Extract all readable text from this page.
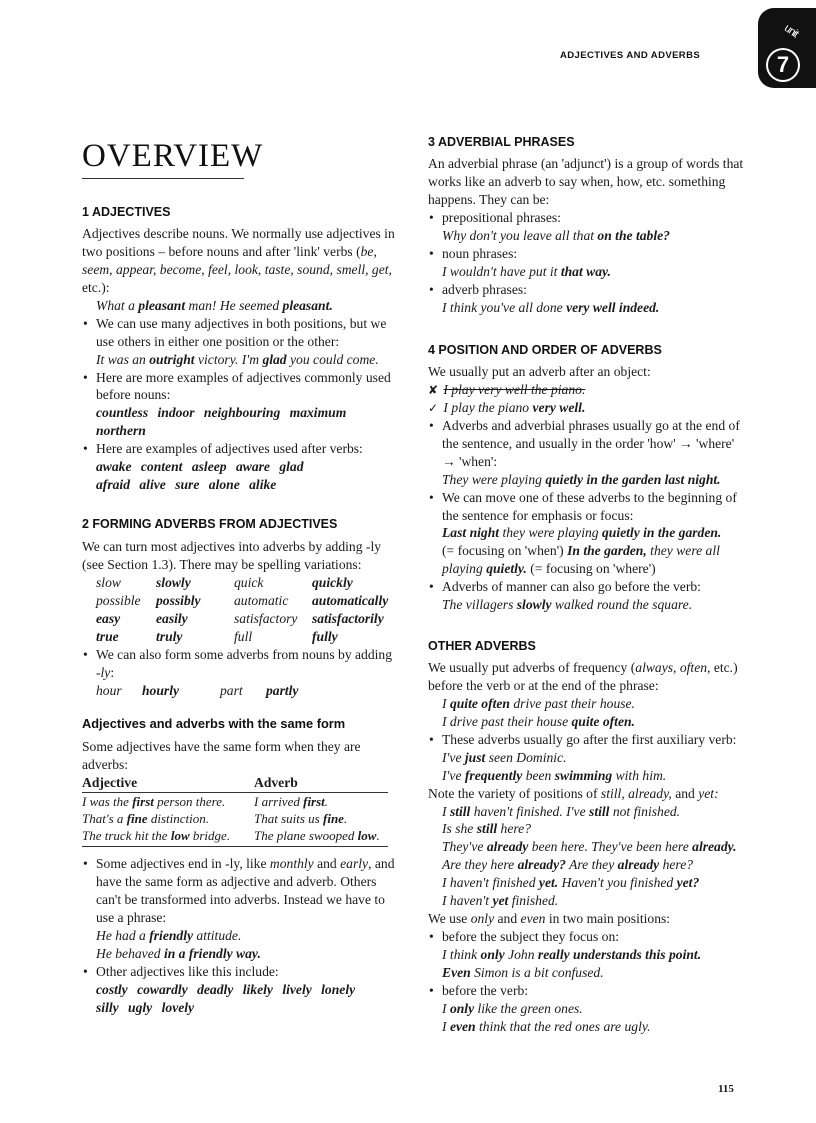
ADJECTIVES AND ADVERBS
unit
7
OVERVIEW
1 ADJECTIVES

Adjectives describe nouns. We normally use adjectives in two positions – before nouns and after 'link' verbs (be, seem, appear, become, feel, look, taste, sound, smell, get, etc.):

What a pleasant man! He seemed pleasant.

• We can use many adjectives in both positions, but we use others in either one position or the other:

It was an outright victory. I'm glad you could come.

• Here are more examples of adjectives commonly used before nouns:

countless indoor neighbouring maximum northern

• Here are examples of adjectives used after verbs:

awake content asleep aware glad

afraid alive sure alone alike

2 FORMING ADVERBS FROM ADJECTIVES

We can turn most adjectives into adverbs by adding -ly (see Section 1.3). There may be spelling variations:

slow	slowly	quick	quickly
possible	possibly	automatic	automatically
easy	easily	satisfactory	satisfactorily
true	truly	full	fully

• We can also form some adverbs from nouns by adding -ly:

hour	hourly	part	partly
Adjectives and adverbs with the same form

Some adjectives have the same form when they are adverbs:

Adjective	Adverb
I was the first person there.	I arrived first.
That's a fine distinction.	That suits us fine.
The truck hit the low bridge.	The plane swooped low.

• Some adjectives end in -ly, like monthly and early, and have the same form as adjective and adverb. Others can't be transformed into adverbs. Instead we have to use a phrase:

He had a friendly attitude.

He behaved in a friendly way.

• Other adjectives like this include:

costly cowardly deadly likely lively lonely

silly ugly lovely

3 ADVERBIAL PHRASES

An adverbial phrase (an 'adjunct') is a group of words that works like an adverb to say when, how, etc. something happens. They can be:

• prepositional phrases:

Why don't you leave all that on the table?

• noun phrases:

I wouldn't have put it that way.

• adverb phrases:

I think you've all done very well indeed.

4 POSITION AND ORDER OF ADVERBS

We usually put an adverb after an object:

✘ I play very well the piano.

✓ I play the piano very well.

• Adverbs and adverbial phrases usually go at the end of the sentence, and usually in the order 'how' → 'where' → 'when':

They were playing quietly in the garden last night.

• We can move one of these adverbs to the beginning of the sentence for emphasis or focus:

Last night they were playing quietly in the garden.

(= focusing on 'when') In the garden, they were all playing quietly. (= focusing on 'where')

• Adverbs of manner can also go before the verb:

The villagers slowly walked round the square.

OTHER ADVERBS

We usually put adverbs of frequency (always, often, etc.) before the verb or at the end of the phrase:

I quite often drive past their house.

I drive past their house quite often.

• These adverbs usually go after the first auxiliary verb:

I've just seen Dominic.

I've frequently been swimming with him.

Note the variety of positions of still, already, and yet:

I still haven't finished. I've still not finished.

Is she still here?

They've already been here. They've been here already.

Are they here already? Are they already here?

I haven't finished yet. Haven't you finished yet?

I haven't yet finished.

We use only and even in two main positions:

• before the subject they focus on:

I think only John really understands this point.

Even Simon is a bit confused.

• before the verb:

I only like the green ones.

I even think that the red ones are ugly.

115
